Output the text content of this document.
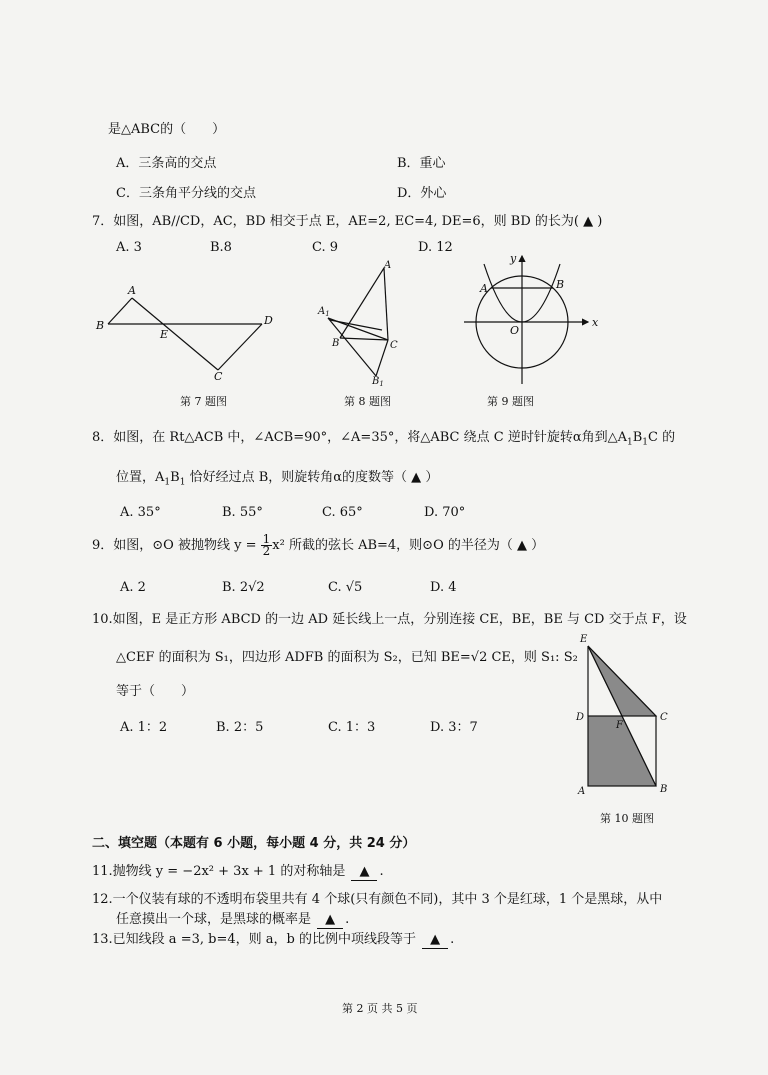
是△ABC的（　　）
A．三条高的交点	B．重心
C．三条角平分线的交点	D．外心
7．如图，AB//CD，AC，BD 相交于点 E，AE=2, EC=4, DE=6，则 BD 的长为( ▲ )
A. 3	B.8	C. 9	D. 12
B
A
E
D
C
第 7 题图
A
$A_1$
B	C
$B_1$
第 8 题图
y
x
A	B
O
第 9 题图
8．如图，在 Rt△ACB 中，∠ACB=90°，∠A=35°，将△ABC 绕点 C 逆时针旋转α角到$\triangle A_1B_1C$ 的
位置，$A_1B_1$ 恰好经过点 B，则旋转角α的度数等（ ▲ ）
A. 35°	B. 55°	C. 65°	D. 70°
9．如图，⊙O 被抛物线 $y = \frac{1}{2} x^2$ 所截的弦长 AB=4，则⊙O 的半径为（ ▲ ）
A. 2	B. 2√2	C. √5	D. 4
10.如图，E 是正方形 ABCD 的一边 AD 延长线上一点，分别连接 CE，BE，BE 与 CD 交于点 F，设
△CEF 的面积为 S₁，四边形 ADFB 的面积为 S₂，已知 BE=√2 CE，则 S₁: S₂
等于（　　）
A. 1：2	B. 2：5	C. 1：3	D. 3：7
E
D	C
F
A	B
第 10 题图
二、填空题（本题有 6 小题，每小题 4 分，共 24 分）
11.抛物线 y = −2x² + 3x + 1 的对称轴是 ▲ .
12.一个仪装有球的不透明布袋里共有 4 个球(只有颜色不同)，其中 3 个是红球，1 个是黑球，从中
任意摸出一个球，是黑球的概率是 ▲ .
13.已知线段 a =3, b=4，则 a，b 的比例中项线段等于 ▲ .
第 2 页 共 5 页
